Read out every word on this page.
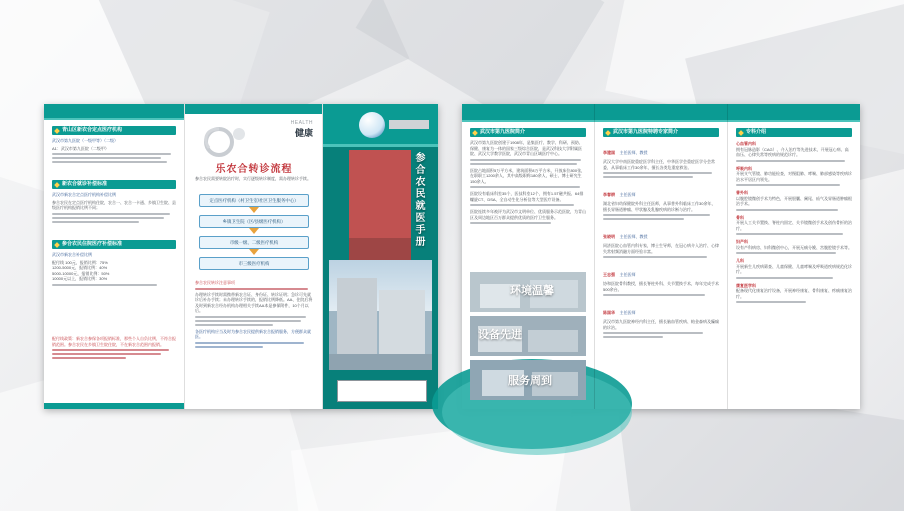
青山区新农合定点医疗机构
武汉市第九医院（一级甲等）（二级）
A1：武汉市第九医院（二级甲）
新农合就诊补偿标准
武汉市新农合定点医疗机构补偿比例
参合农民在定点医疗机构住院，农合一、农合一卡通、乡镇卫生院、县级医疗机构报销比例不同；
参合农民住院医疗补偿标准
武汉市新农合补偿比例
配付线 100元，报销比例：75%
1200-5000元，报销比例：40%
5000-10000元，报销比例：50%
10000元以上，报销比例：30%
配付线政策：新农合参保各项报销标准，那些个人自负比例，不符合报销范围。参合农民在乡镇卫生院住院，不在新农合范围内报销。
HEALTH
健康
乐农合转诊流程
参合农民需要转院治疗时，实行逐级转诊制度，需办理转诊手续。
定点医疗机构（村卫生室/社区卫生服务中心）
乡镇卫生院（区/县级医疗机构）
市级一级、二级医疗机构
市三级医疗机构
参合农民转诊注意事项
办理转诊手续时需携带新农合证、身份证、转诊证明；急诊可先就诊后补办手续；未办理转诊手续的，报销比例降低。AA、住院后将及时到新农合经办机构办理相关手续AA本是参保附件，10个月以后。
各医疗机构应当及时为参合农民提供新农合报销服务，方便群众就医。
参合农民就医手册
武汉市第九医院简介
武汉市第九医院创建于1908年，是集医疗、教学、科研、预防、保健、康复为一体的国家三级综合医院，是武汉科技大学附属医院、武汉大学教学医院，武汉市青山区域医疗中心。
医院占地面积5万平方米，建筑面积8万平方米，开放床位800张，在职职工1200余人，其中高级职称180余人，硕士、博士研究生150余人。
医院设有临床科室35个，医技科室12个，拥有1.5T磁共振、64排螺旋CT、DSA、全自动生化分析仪等大型医疗设备。
医院连续多年被评为武汉市文明单位、优质服务示范医院，为青山区及周边地区百万群众提供优质的医疗卫生服务。
环境温馨
设备先进
服务周到
武汉市第九医院特聘专家简介
李建国 主任医师、教授
武汉大学中南医院重症医学科主任，中华医学会重症医学分会常委，从事临床工作30余年，擅长各类危重症救治。
李春耕 主任医师
湖北省妇幼保健院外科主任医师，从事普外科临床工作30余年，擅长胃肠道肿瘤、甲状腺及乳腺疾病的诊断与治疗。
张晓明 主任医师、教授
同济医院心血管内科专家，博士生导师，在冠心病介入治疗、心律失常射频消融方面经验丰富。
王志强 主任医师
协和医院骨科教授，擅长脊柱外科、关节置换手术，每年完成手术500余台。
陈国华 主任医师
武汉市第九医院神经内科主任，擅长脑血管疾病、帕金森病及癫痫的诊治。
专科介绍
心血管内科
拥有冠脉造影（CAG）、介入治疗等先进技术，开展冠心病、高血压、心律失常等疾病的规范诊疗。
呼吸内科
开展支气管镜、肺功能检查，对慢阻肺、哮喘、肺部感染等疾病诊治水平居区内领先。
普外科
以腹腔镜微创手术为特色，开展胆囊、阑尾、疝气及胃肠道肿瘤根治手术。
骨科
开展人工关节置换、脊柱内固定、关节镜微创手术及创伤骨折的治疗。
妇产科
设有产科病房、妇科微创中心，开展无痛分娩、宫腹腔镜手术等。
儿科
开展新生儿疾病筛查、儿童保健、儿童哮喘及呼吸道疾病规范化诊疗。
康复医学科
配备现代化康复治疗设备，开展神经康复、骨科康复、疼痛康复治疗。
